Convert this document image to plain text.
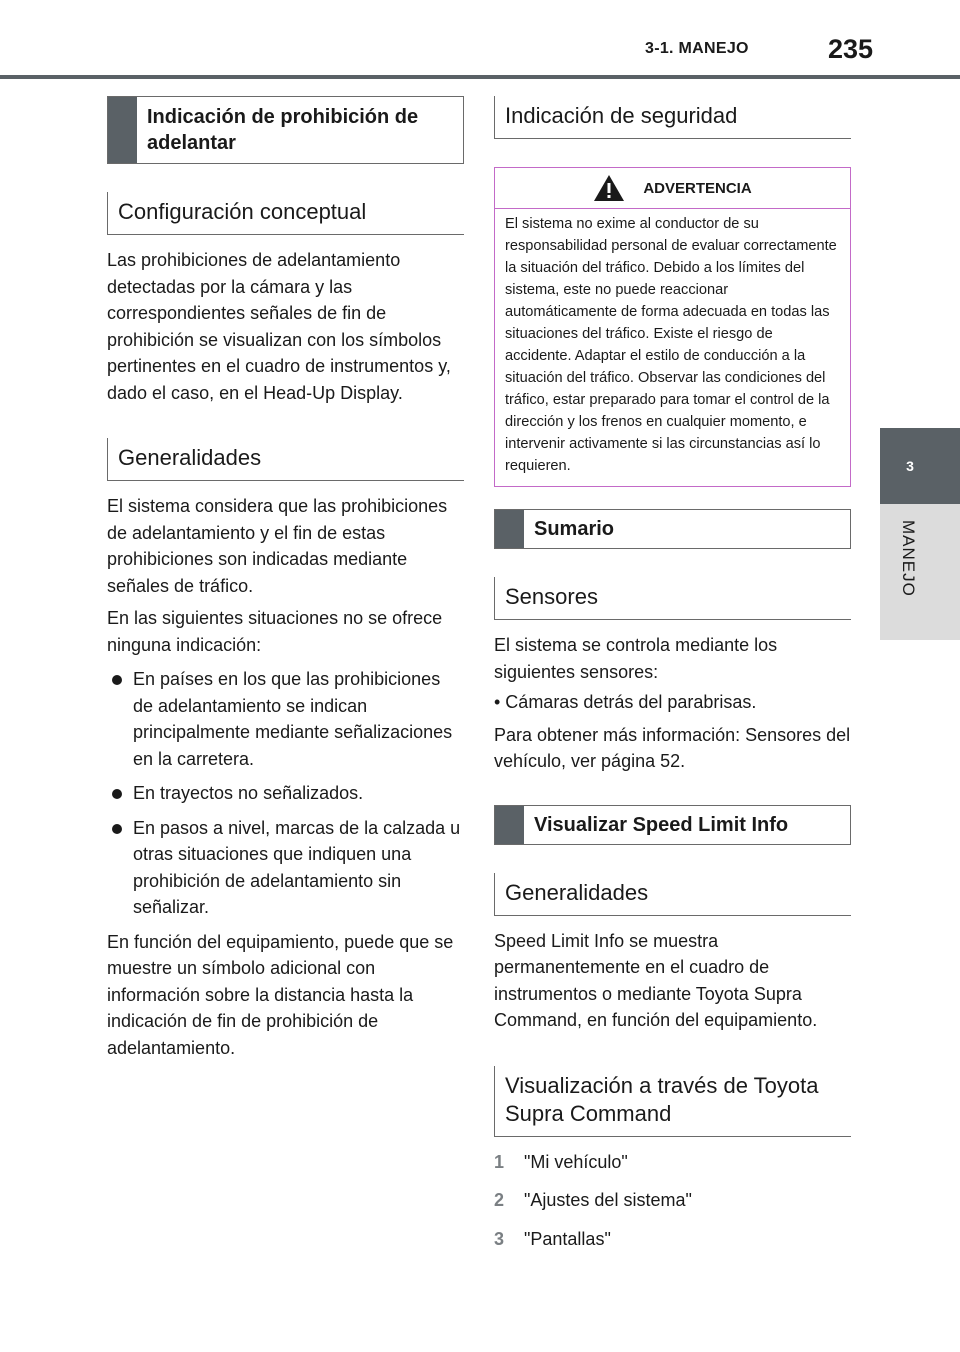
3-1. MANEJO	235
3
MANEJO
Indicación de prohibición de adelantar
Configuración conceptual

Las prohibiciones de adelantamiento detectadas por la cámara y las correspondientes señales de fin de prohibición se visualizan con los símbolos pertinentes en el cuadro de instrumentos y, dado el caso, en el Head-Up Display.

Generalidades

El sistema considera que las prohibiciones de adelantamiento y el fin de estas prohibiciones son indicadas mediante señales de tráfico.

En las siguientes situaciones no se ofrece ninguna indicación:

En países en los que las prohibiciones de adelantamiento se indican principalmente mediante señalizaciones en la carretera.
En trayectos no señalizados.
En pasos a nivel, marcas de la calzada u otras situaciones que indiquen una prohibición de adelantamiento sin señalizar.

En función del equipamiento, puede que se muestre un símbolo adicional con información sobre la distancia hasta la indicación de fin de prohibición de adelantamiento.

Indicación de seguridad
ADVERTENCIA
El sistema no exime al conductor de su responsabilidad personal de evaluar correctamente la situación del tráfico. Debido a los límites del sistema, este no puede reaccionar automáticamente de forma adecuada en todas las situaciones del tráfico. Existe el riesgo de accidente. Adaptar el estilo de conducción a la situación del tráfico. Observar las condiciones del tráfico, estar preparado para tomar el control de la dirección y los frenos en cualquier momento, e intervenir activamente si las circunstancias así lo requieren.
Sumario
Sensores

El sistema se controla mediante los siguientes sensores:

• Cámaras detrás del parabrisas.

Para obtener más información: Sensores del vehículo, ver página 52.

Visualizar Speed Limit Info
Generalidades

Speed Limit Info se muestra permanentemente en el cuadro de instrumentos o mediante Toyota Supra Command, en función del equipamiento.

Visualización a través de Toyota Supra Command
1	"Mi vehículo"
2	"Ajustes del sistema"
3	"Pantallas"
